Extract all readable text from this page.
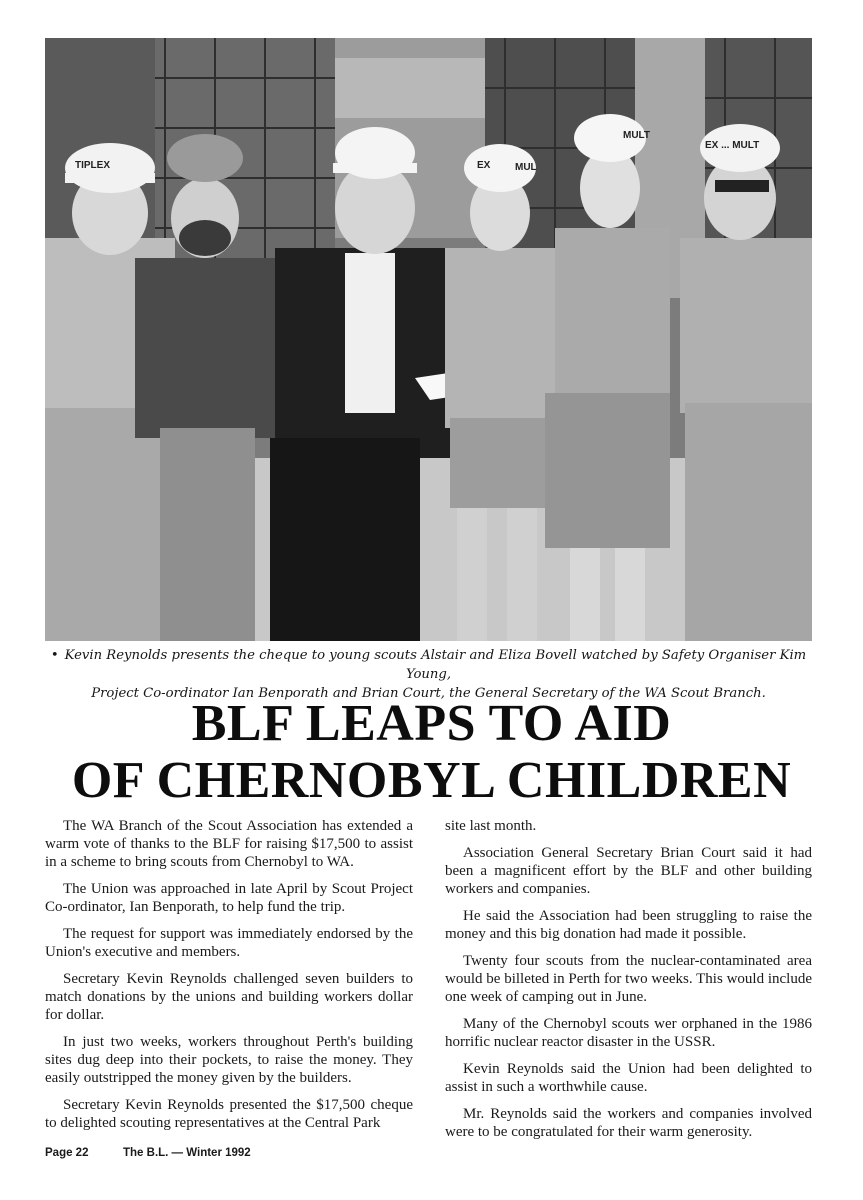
TIPLEX	EX MUL
MULT
EX ... MULT
• Kevin Reynolds presents the cheque to young scouts Alstair and Eliza Bovell watched by Safety Organiser Kim Young,
Project Co-ordinator Ian Benporath and Brian Court, the General Secretary of the WA Scout Branch.
BLF LEAPS TO AID
OF CHERNOBYL CHILDREN

The WA Branch of the Scout Association has extended a warm vote of thanks to the BLF for raising $17,500 to assist in a scheme to bring scouts from Chernobyl to WA.

The Union was approached in late April by Scout Project Co-ordinator, Ian Benporath, to help fund the trip.

The request for support was immediately endorsed by the Union's executive and members.

Secretary Kevin Reynolds challenged seven builders to match donations by the unions and building workers dollar for dollar.

In just two weeks, workers throughout Perth's building sites dug deep into their pockets, to raise the money. They easily outstripped the money given by the builders.

Secretary Kevin Reynolds presented the $17,500 cheque to delighted scouting representatives at the Central Park

site last month.

Association General Secretary Brian Court said it had been a magnificent effort by the BLF and other building workers and companies.

He said the Association had been struggling to raise the money and this big donation had made it possible.

Twenty four scouts from the nuclear-contaminated area would be billeted in Perth for two weeks. This would include one week of camping out in June.

Many of the Chernobyl scouts wer orphaned in the 1986 horrific nuclear reactor disaster in the USSR.

Kevin Reynolds said the Union had been delighted to assist in such a worthwhile cause.

Mr. Reynolds said the workers and companies involved were to be congratulated for their warm generosity.

Page 22	The B.L. — Winter 1992
